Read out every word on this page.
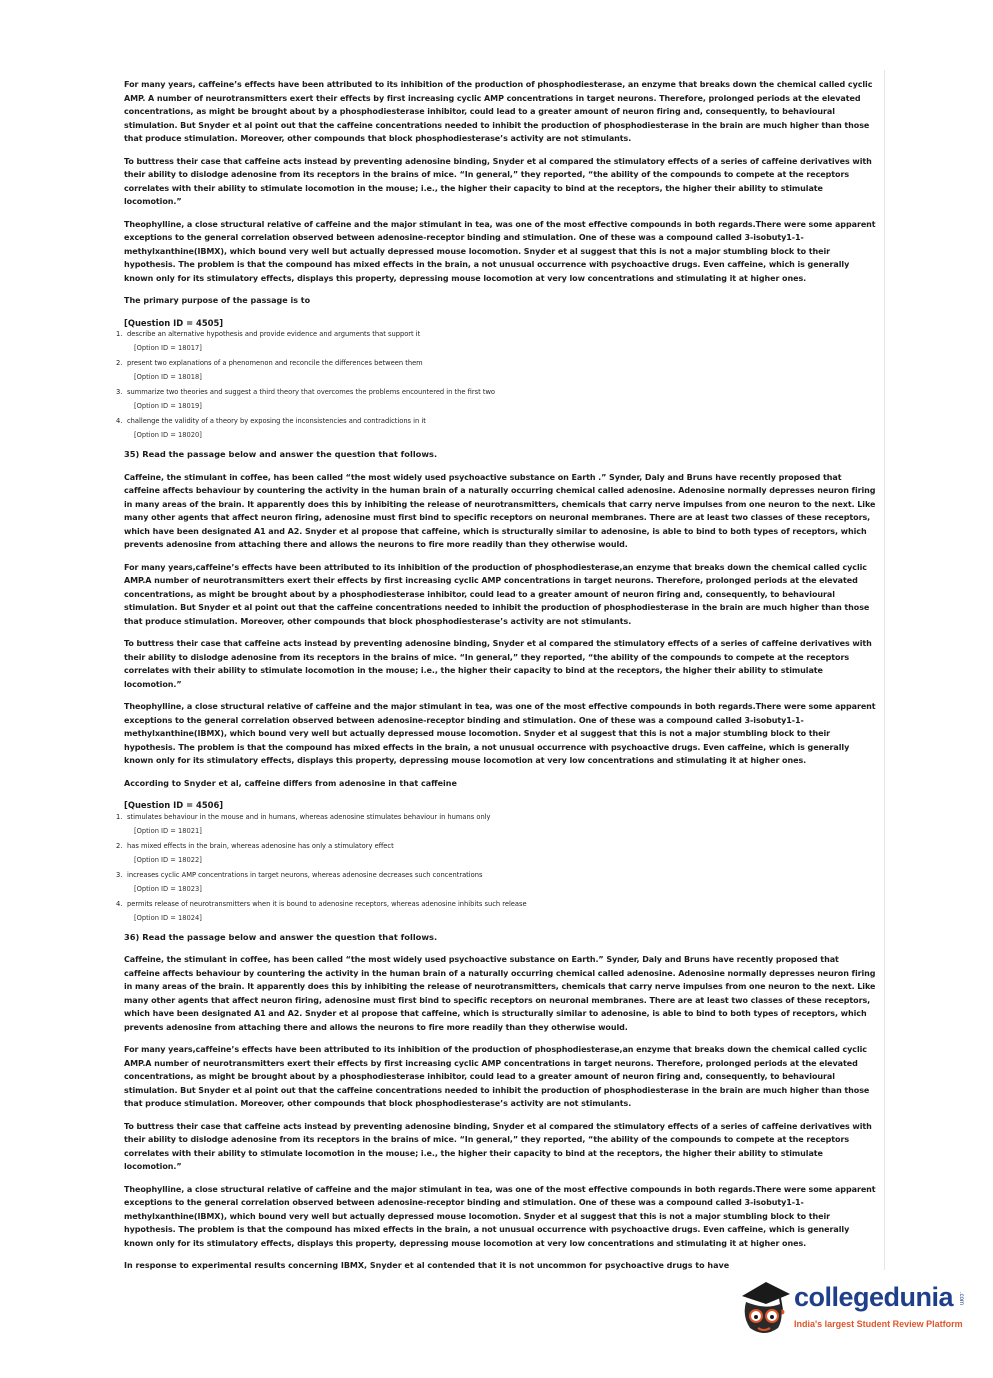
For many years, caffeine’s effects have been attributed to its inhibition of the production of phosphodiesterase, an enzyme that breaks down the chemical called cyclic AMP. A number of neurotransmitters exert their effects by first increasing cyclic AMP concentrations in target neurons. Therefore, prolonged periods at the elevated concentrations, as might be brought about by a phosphodiesterase inhibitor, could lead to a greater amount of neuron firing and, consequently, to behavioural stimulation. But Snyder et al point out that the caffeine concentrations needed to inhibit the production of phosphodiesterase in the brain are much higher than those that produce stimulation. Moreover, other compounds that block phosphodiesterase’s activity are not stimulants.

To buttress their case that caffeine acts instead by preventing adenosine binding, Snyder et al compared the stimulatory effects of a series of caffeine derivatives with their ability to dislodge adenosine from its receptors in the brains of mice. “In general,” they reported, “the ability of the compounds to compete at the receptors correlates with their ability to stimulate locomotion in the mouse; i.e., the higher their capacity to bind at the receptors, the higher their ability to stimulate locomotion.”

Theophylline, a close structural relative of caffeine and the major stimulant in tea, was one of the most effective compounds in both regards.There were some apparent exceptions to the general correlation observed between adenosine-receptor binding and stimulation. One of these was a compound called 3-isobuty1-1-methylxanthine(IBMX), which bound very well but actually depressed mouse locomotion. Snyder et al suggest that this is not a major stumbling block to their hypothesis. The problem is that the compound has mixed effects in the brain, a not unusual occurrence with psychoactive drugs. Even caffeine, which is generally known only for its stimulatory effects, displays this property, depressing mouse locomotion at very low concentrations and stimulating it at higher ones.

The primary purpose of the passage is to

[Question ID = 4505]

1. describe an alternative hypothesis and provide evidence and arguments that support it
[Option ID = 18017]
2. present two explanations of a phenomenon and reconcile the differences between them
[Option ID = 18018]
3. summarize two theories and suggest a third theory that overcomes the problems encountered in the first two
[Option ID = 18019]
4. challenge the validity of a theory by exposing the inconsistencies and contradictions in it
[Option ID = 18020]

35) Read the passage below and answer the question that follows.

Caffeine, the stimulant in coffee, has been called “the most widely used psychoactive substance on Earth .” Synder, Daly and Bruns have recently proposed that caffeine affects behaviour by countering the activity in the human brain of a naturally occurring chemical called adenosine. Adenosine normally depresses neuron firing in many areas of the brain. It apparently does this by inhibiting the release of neurotransmitters, chemicals that carry nerve impulses from one neuron to the next. Like many other agents that affect neuron firing, adenosine must first bind to specific receptors on neuronal membranes. There are at least two classes of these receptors, which have been designated A1 and A2. Snyder et al propose that caffeine, which is structurally similar to adenosine, is able to bind to both types of receptors, which prevents adenosine from attaching there and allows the neurons to fire more readily than they otherwise would.

For many years,caffeine’s effects have been attributed to its inhibition of the production of phosphodiesterase,an enzyme that breaks down the chemical called cyclic AMP.A number of neurotransmitters exert their effects by first increasing cyclic AMP concentrations in target neurons. Therefore, prolonged periods at the elevated concentrations, as might be brought about by a phosphodiesterase inhibitor, could lead to a greater amount of neuron firing and, consequently, to behavioural stimulation. But Snyder et al point out that the caffeine concentrations needed to inhibit the production of phosphodiesterase in the brain are much higher than those that produce stimulation. Moreover, other compounds that block phosphodiesterase’s activity are not stimulants.

To buttress their case that caffeine acts instead by preventing adenosine binding, Snyder et al compared the stimulatory effects of a series of caffeine derivatives with their ability to dislodge adenosine from its receptors in the brains of mice. “In general,” they reported, “the ability of the compounds to compete at the receptors correlates with their ability to stimulate locomotion in the mouse; i.e., the higher their capacity to bind at the receptors, the higher their ability to stimulate locomotion.”

Theophylline, a close structural relative of caffeine and the major stimulant in tea, was one of the most effective compounds in both regards.There were some apparent exceptions to the general correlation observed between adenosine-receptor binding and stimulation. One of these was a compound called 3-isobuty1-1-methylxanthine(IBMX), which bound very well but actually depressed mouse locomotion. Snyder et al suggest that this is not a major stumbling block to their hypothesis. The problem is that the compound has mixed effects in the brain, a not unusual occurrence with psychoactive drugs. Even caffeine, which is generally known only for its stimulatory effects, displays this property, depressing mouse locomotion at very low concentrations and stimulating it at higher ones.

According to Snyder et al, caffeine differs from adenosine in that caffeine

[Question ID = 4506]

1. stimulates behaviour in the mouse and in humans, whereas adenosine stimulates behaviour in humans only
[Option ID = 18021]
2. has mixed effects in the brain, whereas adenosine has only a stimulatory effect
[Option ID = 18022]
3. increases cyclic AMP concentrations in target neurons, whereas adenosine decreases such concentrations
[Option ID = 18023]
4. permits release of neurotransmitters when it is bound to adenosine receptors, whereas adenosine inhibits such release
[Option ID = 18024]

36) Read the passage below and answer the question that follows.

Caffeine, the stimulant in coffee, has been called “the most widely used psychoactive substance on Earth.” Synder, Daly and Bruns have recently proposed that caffeine affects behaviour by countering the activity in the human brain of a naturally occurring chemical called adenosine. Adenosine normally depresses neuron firing in many areas of the brain. It apparently does this by inhibiting the release of neurotransmitters, chemicals that carry nerve impulses from one neuron to the next. Like many other agents that affect neuron firing, adenosine must first bind to specific receptors on neuronal membranes. There are at least two classes of these receptors, which have been designated A1 and A2. Snyder et al propose that caffeine, which is structurally similar to adenosine, is able to bind to both types of receptors, which prevents adenosine from attaching there and allows the neurons to fire more readily than they otherwise would.

For many years,caffeine’s effects have been attributed to its inhibition of the production of phosphodiesterase,an enzyme that breaks down the chemical called cyclic AMP.A number of neurotransmitters exert their effects by first increasing cyclic AMP concentrations in target neurons. Therefore, prolonged periods at the elevated concentrations, as might be brought about by a phosphodiesterase inhibitor, could lead to a greater amount of neuron firing and, consequently, to behavioural stimulation. But Snyder et al point out that the caffeine concentrations needed to inhibit the production of phosphodiesterase in the brain are much higher than those that produce stimulation. Moreover, other compounds that block phosphodiesterase’s activity are not stimulants.

To buttress their case that caffeine acts instead by preventing adenosine binding, Snyder et al compared the stimulatory effects of a series of caffeine derivatives with their ability to dislodge adenosine from its receptors in the brains of mice. “In general,” they reported, “the ability of the compounds to compete at the receptors correlates with their ability to stimulate locomotion in the mouse; i.e., the higher their capacity to bind at the receptors, the higher their ability to stimulate locomotion.”

Theophylline, a close structural relative of caffeine and the major stimulant in tea, was one of the most effective compounds in both regards.There were some apparent exceptions to the general correlation observed between adenosine-receptor binding and stimulation. One of these was a compound called 3-isobuty1-1-methylxanthine(IBMX), which bound very well but actually depressed mouse locomotion. Snyder et al suggest that this is not a major stumbling block to their hypothesis. The problem is that the compound has mixed effects in the brain, a not unusual occurrence with psychoactive drugs. Even caffeine, which is generally known only for its stimulatory effects, displays this property, depressing mouse locomotion at very low concentrations and stimulating it at higher ones.

In response to experimental results concerning IBMX, Snyder et al contended that it is not uncommon for psychoactive drugs to have

collegedunia .com
India's largest Student Review Platform
